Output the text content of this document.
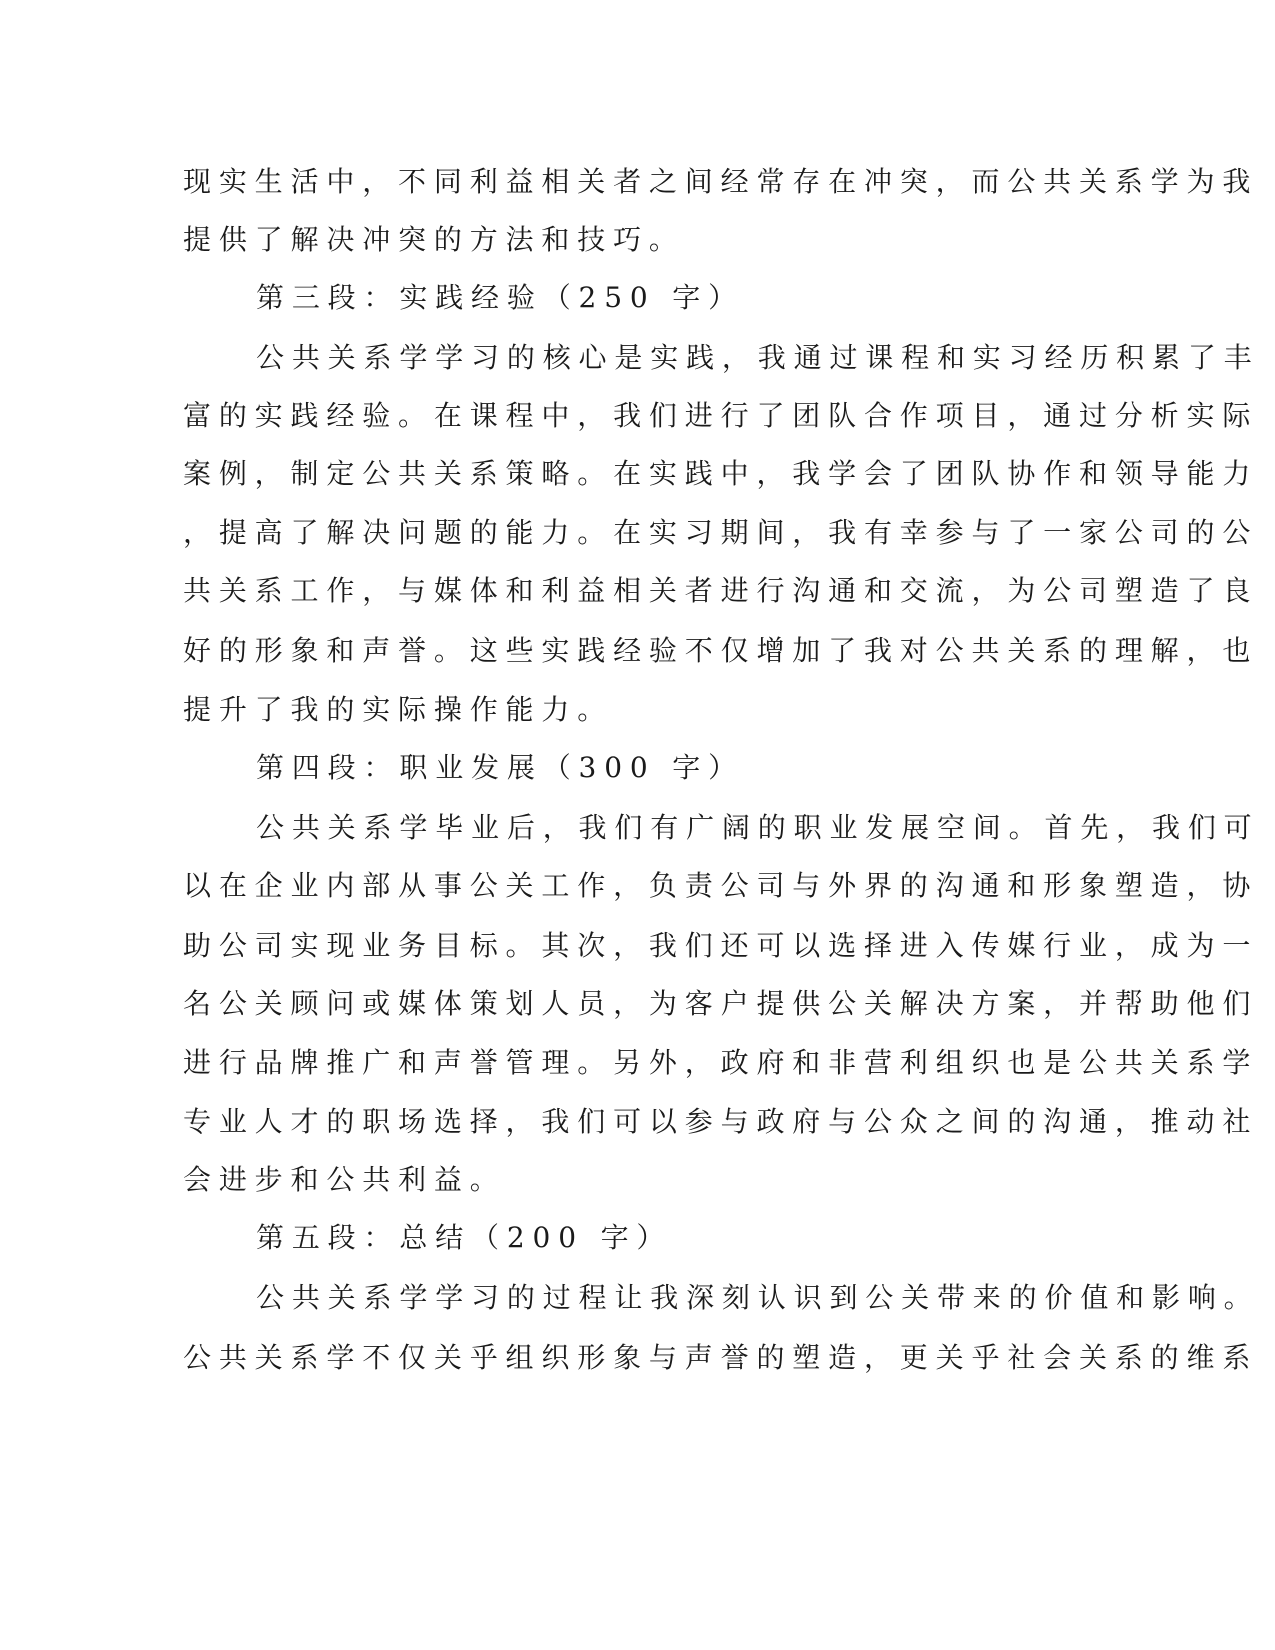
现实生活中，不同利益相关者之间经常存在冲突，而公共关系学为我
提供了解决冲突的方法和技巧。
第三段：实践经验（250 字）
公共关系学学习的核心是实践，我通过课程和实习经历积累了丰
富的实践经验。在课程中，我们进行了团队合作项目，通过分析实际
案例，制定公共关系策略。在实践中，我学会了团队协作和领导能力
，提高了解决问题的能力。在实习期间，我有幸参与了一家公司的公
共关系工作，与媒体和利益相关者进行沟通和交流，为公司塑造了良
好的形象和声誉。这些实践经验不仅增加了我对公共关系的理解，也
提升了我的实际操作能力。
第四段：职业发展（300 字）
公共关系学毕业后，我们有广阔的职业发展空间。首先，我们可
以在企业内部从事公关工作，负责公司与外界的沟通和形象塑造，协
助公司实现业务目标。其次，我们还可以选择进入传媒行业，成为一
名公关顾问或媒体策划人员，为客户提供公关解决方案，并帮助他们
进行品牌推广和声誉管理。另外，政府和非营利组织也是公共关系学
专业人才的职场选择，我们可以参与政府与公众之间的沟通，推动社
会进步和公共利益。
第五段：总结（200 字）
公共关系学学习的过程让我深刻认识到公关带来的价值和影响。
公共关系学不仅关乎组织形象与声誉的塑造，更关乎社会关系的维系
